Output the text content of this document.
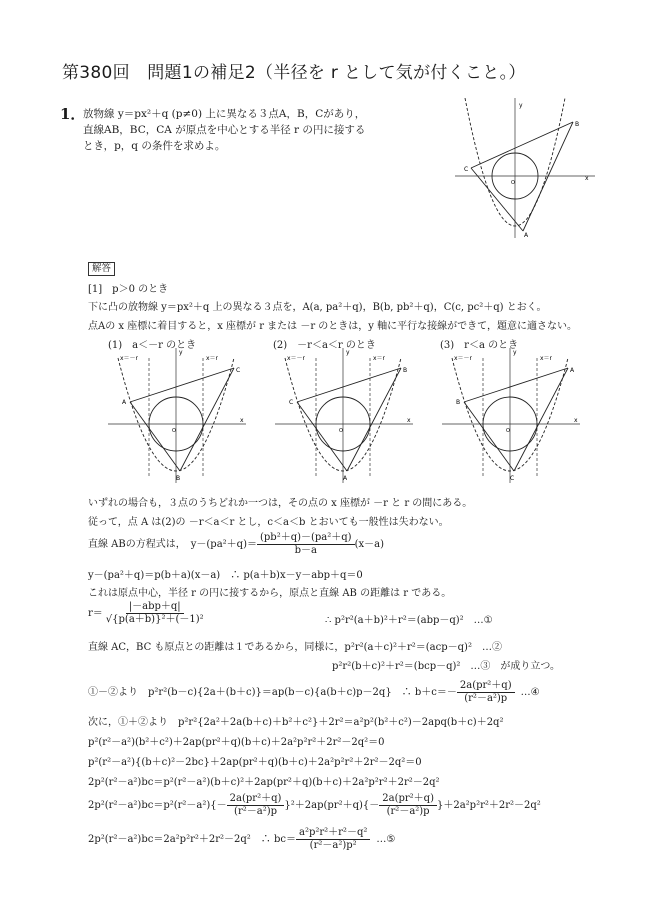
第380回　問題1の補足2（半径を r として気が付くこと。）
1．
放物線 y＝px²＋q (p≠0) 上に異なる３点A，B，Cがあり，
直線AB，BC，CA が原点を中心とする半径 r の円に接する
とき，p，q の条件を求めよ。
y
x
O
B
C
A
解答
[1]　p＞0 のとき
下に凸の放物線 y＝px²＋q 上の異なる３点を，A(a, pa²＋q)，B(b, pb²＋q)，C(c, pc²＋q) とおく。
点Aの x 座標に着目すると，x 座標が r または －r のときは，y 軸に平行な接線ができて，題意に適さない。
(1)　a＜－r のとき	(2)　－r＜a＜r のとき	(3)　r＜a のとき
x＝－r	x＝r
y
x
O
A
C
B
x＝－r	x＝r
y
x
O
C
B
A
x＝－r	x＝r
y
x
O
B
A
C
いずれの場合も，３点のうちどれか一つは，その点の x 座標が －r と r の間にある。
従って，点 A は(2)の －r＜a＜r とし，c＜a＜b とおいても一般性は失わない。
直線 ABの方程式は，　$y-(pa^2+q)= \frac{\text{(pb²＋q)－(pa²＋q)}}{b-a} (x-a)$
y－(pa²＋q)＝p(b＋a)(x－a)　∴ p(a＋b)x－y－abp＋q＝0
これは原点中心，半径 r の円に接するから，原点と直線 AB の距離は r である。
$r= \frac{\text{|－abp＋q|}}{\text{√\{p(a＋b)\}²＋(－1)²}}$	∴ p²r²(a＋b)²＋r²＝(abp－q)²　…①
直線 AC，BC も原点との距離は１であるから，同様に，p²r²(a＋c)²＋r²＝(acp－q)²　…②
p²r²(b＋c)²＋r²＝(bcp－q)²　…③　が成り立つ。
①－②より　p²r²(b－c){2a＋(b＋c)}＝ap(b－c){a(b＋c)p－2q}　∴ $b+c=- \frac{\text{2a(pr²＋q)}}{\text{(r²－a²)p}}$ …④
次に，①＋②より　p²r²{2a²＋2a(b＋c)＋b²＋c²}＋2r²＝a²p²(b²＋c²)－2apq(b＋c)＋2q²
p²(r²－a²)(b²＋c²)＋2ap(pr²＋q)(b＋c)＋2a²p²r²＋2r²－2q²＝0
p²(r²－a²){(b＋c)²－2bc}＋2ap(pr²＋q)(b＋c)＋2a²p²r²＋2r²－2q²＝0
2p²(r²－a²)bc＝p²(r²－a²)(b＋c)²＋2ap(pr²＋q)(b＋c)＋2a²p²r²＋2r²－2q²
$2p^2(r^2-a^2)bc=p^2(r^2-a^2)\{- \frac{\text{2a(pr²＋q)}}{\text{(r²－a²)p}} \}^2+2ap(pr^2+q)\{- \frac{\text{2a(pr²＋q)}}{\text{(r²－a²)p}} \}+2a^2p^2r^2+2r^2-2q^2$
2p²(r²－a²)bc＝2a²p²r²＋2r²－2q²　∴ $bc= \frac{\text{a²p²r²＋r²－q²}}{\text{(r²－a²)p²}}$ …⑤
